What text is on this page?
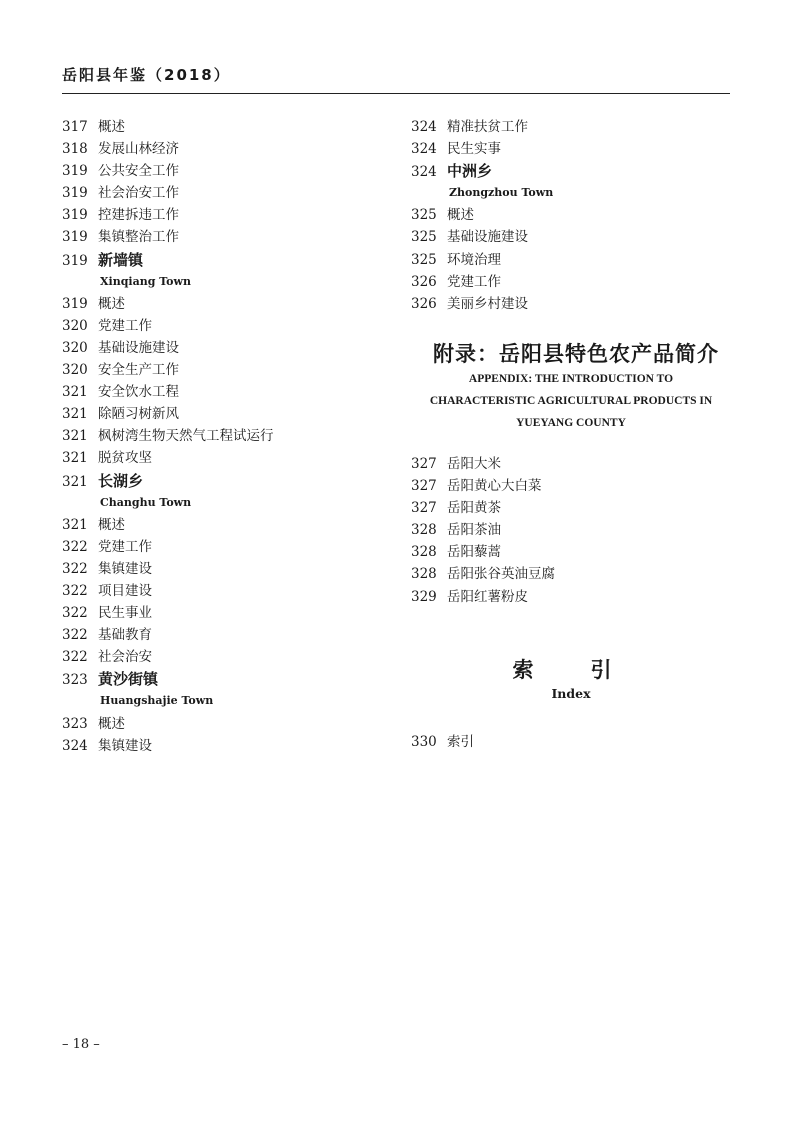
岳阳县年鉴（2018）
317 概述
318 发展山林经济
319 公共安全工作
319 社会治安工作
319 控建拆违工作
319 集镇整治工作
319 新墙镇
Xinqiang Town
319 概述
320 党建工作
320 基础设施建设
320 安全生产工作
321 安全饮水工程
321 除陋习树新风
321 枫树湾生物天然气工程试运行
321 脱贫攻坚
321 长湖乡
Changhu Town
321 概述
322 党建工作
322 集镇建设
322 项目建设
322 民生事业
322 基础教育
322 社会治安
323 黄沙街镇
Huangshajie Town
323 概述
324 集镇建设
324 精准扶贫工作
324 民生实事
324 中洲乡
Zhongzhou Town
325 概述
325 基础设施建设
325 环境治理
326 党建工作
326 美丽乡村建设
附录：岳阳县特色农产品简介
APPENDIX: THE INTRODUCTION TO
CHARACTERISTIC AGRICULTURAL PRODUCTS IN
YUEYANG COUNTY
327 岳阳大米
327 岳阳黄心大白菜
327 岳阳黄茶
328 岳阳茶油
328 岳阳藜蒿
328 岳阳张谷英油豆腐
329 岳阳红薯粉皮
索　引
Index
330 索引
– 18 –
